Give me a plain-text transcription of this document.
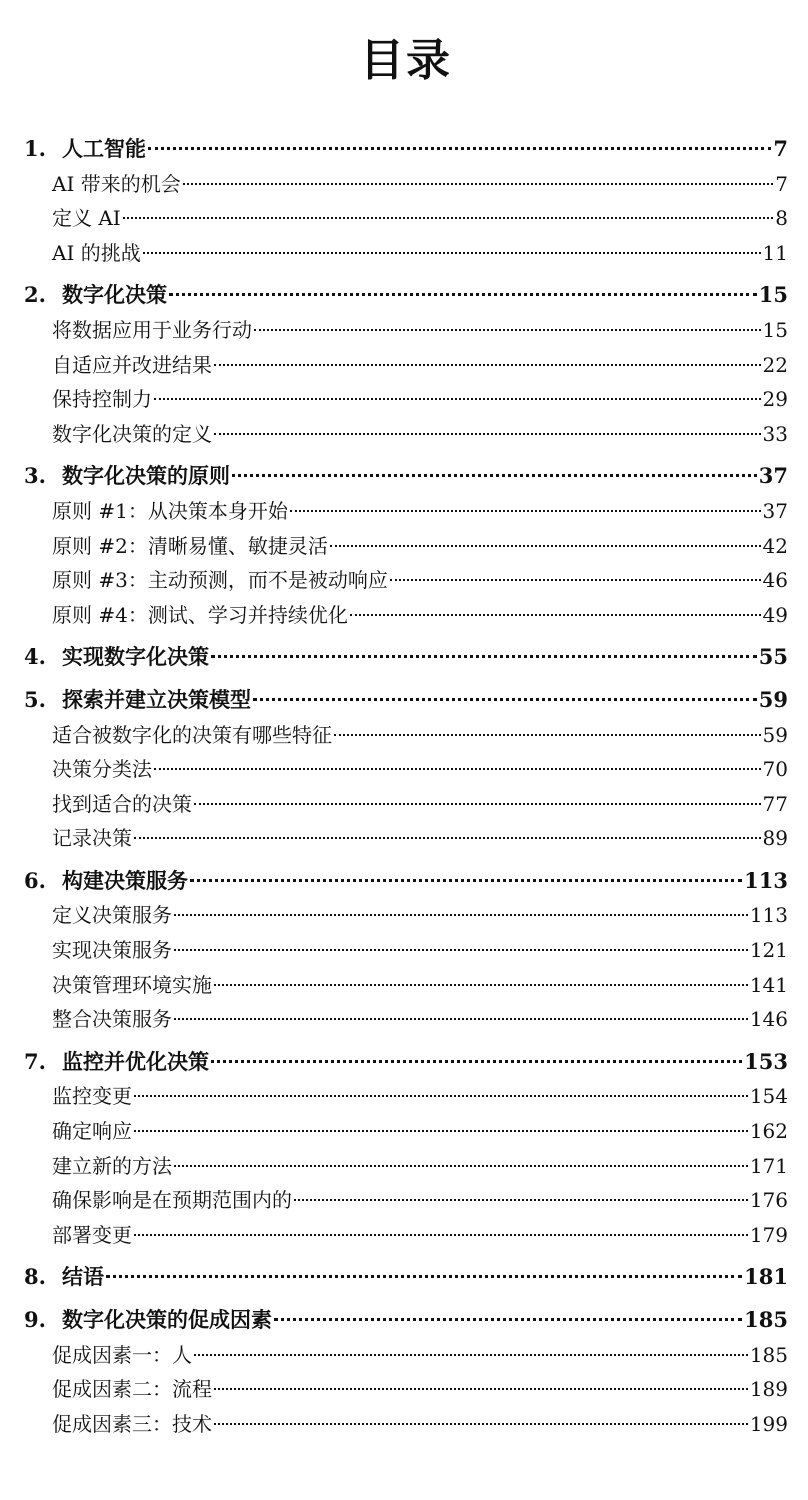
目录
1. 人工智能	7
AI 带来的机会	7
定义 AI	8
AI 的挑战	11
2. 数字化决策	15
将数据应用于业务行动	15
自适应并改进结果	22
保持控制力	29
数字化决策的定义	33
3. 数字化决策的原则	37
原则 #1：从决策本身开始	37
原则 #2：清晰易懂、敏捷灵活	42
原则 #3：主动预测，而不是被动响应	46
原则 #4：测试、学习并持续优化	49
4. 实现数字化决策	55
5. 探索并建立决策模型	59
适合被数字化的决策有哪些特征	59
决策分类法	70
找到适合的决策	77
记录决策	89
6. 构建决策服务	113
定义决策服务	113
实现决策服务	121
决策管理环境实施	141
整合决策服务	146
7. 监控并优化决策	153
监控变更	154
确定响应	162
建立新的方法	171
确保影响是在预期范围内的	176
部署变更	179
8. 结语	181
9. 数字化决策的促成因素	185
促成因素一：人	185
促成因素二：流程	189
促成因素三：技术	199
